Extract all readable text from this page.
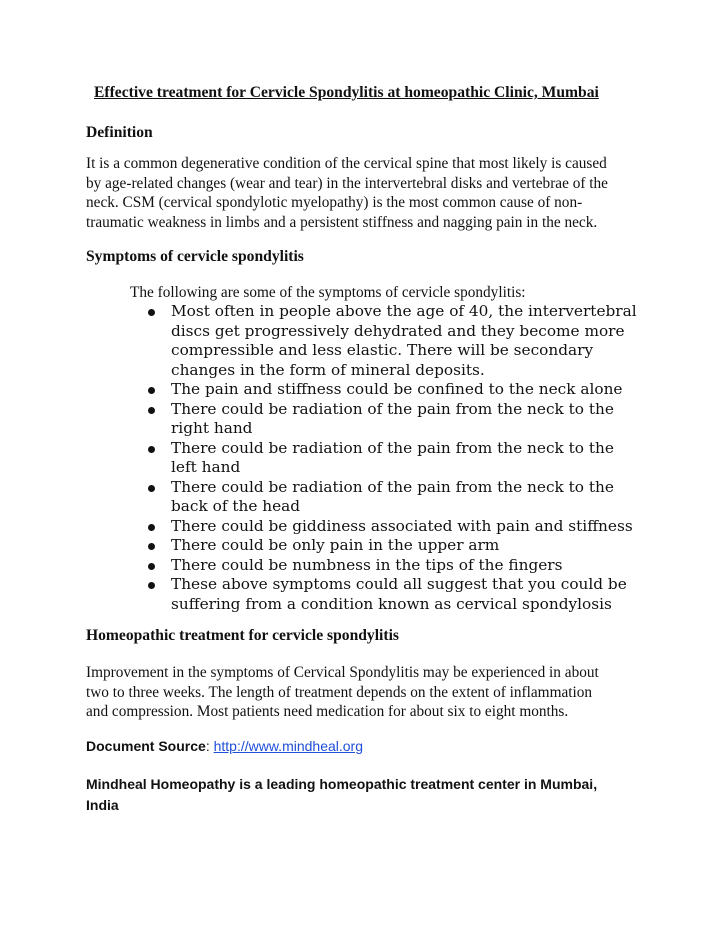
Effective treatment for Cervicle Spondylitis at homeopathic Clinic, Mumbai
Definition

It is a common degenerative condition of the cervical spine that most likely is caused
by age-related changes (wear and tear) in the intervertebral disks and vertebrae of the
neck. CSM (cervical spondylotic myelopathy) is the most common cause of non-
traumatic weakness in limbs and a persistent stiffness and nagging pain in the neck.

Symptoms of cervicle spondylitis

The following are some of the symptoms of cervicle spondylitis:

Most often in people above the age of 40, the intervertebral
discs get progressively dehydrated and they become more
compressible and less elastic. There will be secondary
changes in the form of mineral deposits.
The pain and stiffness could be confined to the neck alone
There could be radiation of the pain from the neck to the
right hand
There could be radiation of the pain from the neck to the
left hand
There could be radiation of the pain from the neck to the
back of the head
There could be giddiness associated with pain and stiffness
There could be only pain in the upper arm
There could be numbness in the tips of the fingers
These above symptoms could all suggest that you could be
suffering from a condition known as cervical spondylosis
Homeopathic treatment for cervicle spondylitis

Improvement in the symptoms of Cervical Spondylitis may be experienced in about
two to three weeks. The length of treatment depends on the extent of inflammation
and compression. Most patients need medication for about six to eight months.

Document Source: http://www.mindheal.org

Mindheal Homeopathy is a leading homeopathic treatment center in Mumbai,
India
